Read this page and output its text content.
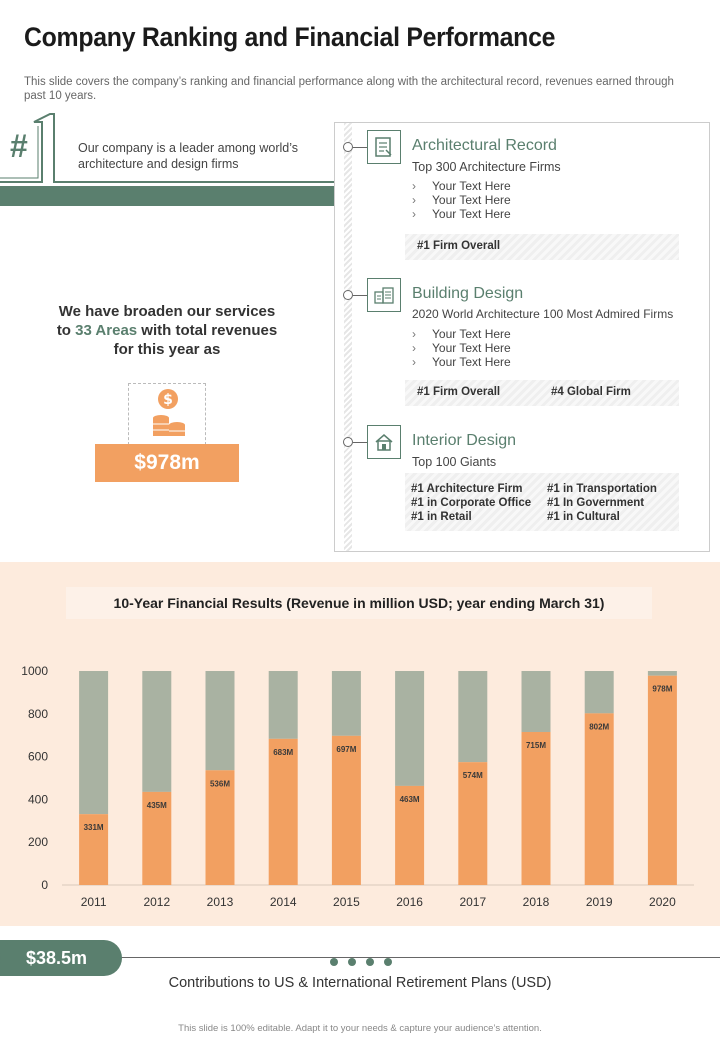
Company Ranking and Financial Performance
This slide covers the company’s ranking and financial performance along with the architectural record, revenues earned through past 10 years.
#	Our company is a leader among world’s architecture and design firms
We have broaden our services
to 33 Areas with total revenues
for this year as
$
$978m
Architectural Record
Top 300 Architecture Firms
› Your Text Here
› Your Text Here
› Your Text Here
#1 Firm Overall
Building Design
2020 World Architecture 100 Most Admired Firms
› Your Text Here
› Your Text Here
› Your Text Here
#1 Firm Overall	#4 Global Firm
Interior Design
Top 100 Giants
#1 Architecture Firm
#1 in Corporate Office
#1 in Retail
#1 in Transportation
#1 In Government
#1 in Cultural
10-Year Financial Results (Revenue in million USD; year ending March 31)
0
200
400
600
800
1000
331M
2011
435M
2012
536M
2013
683M
2014
697M
2015
463M
2016
574M
2017
715M
2018
802M
2019
978M
2020
$38.5m
Contributions to US & International Retirement Plans (USD)
This slide is 100% editable. Adapt it to your needs & capture your audience’s attention.
